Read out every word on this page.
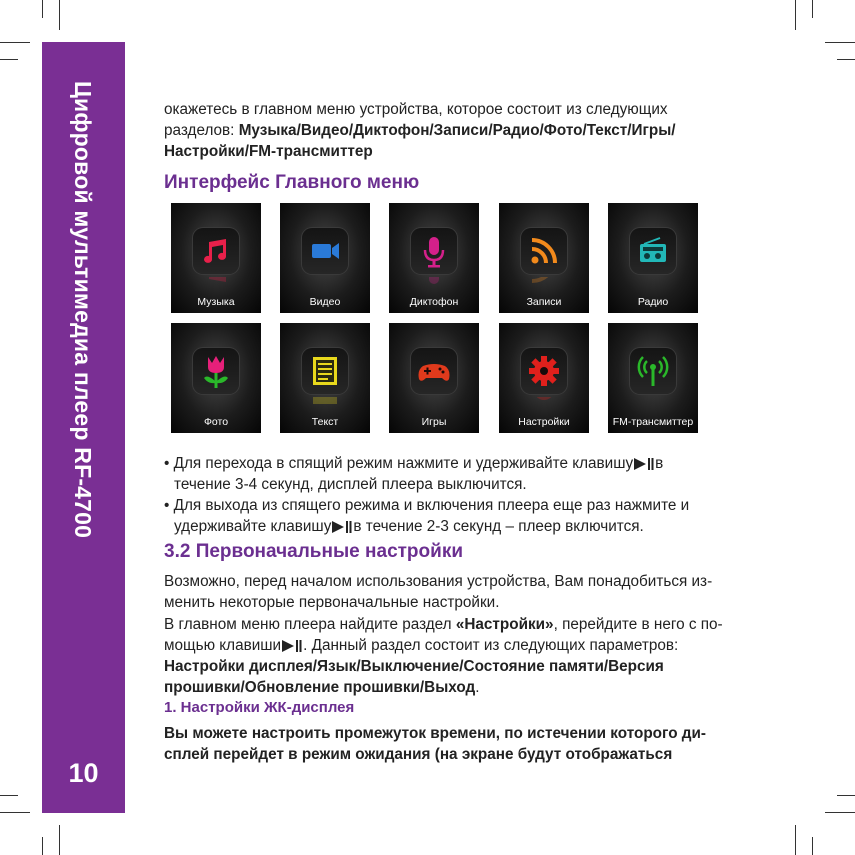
Цифровой мультимедиа плеер RF-4700
10
окажетесь в главном меню устройства, которое состоит из следующих
разделов: Музыка/Видео/Диктофон/Записи/Радио/Фото/Текст/Игры/
Настройки/FM-трансмиттер
Интерфейс Главного меню
Музыка	Видео	Диктофон	Записи	Радио
Фото	Текст	Игры	Настройки	FM-трансмиттер
• Для перехода в спящий режим нажмите и удерживайте клавишу в
течение 3-4 секунд, дисплей плеера выключится.
• Для выхода из спящего режима и включения плеера еще раз нажмите и
удерживайте клавишу в течение 2-3 секунд – плеер включится.
3.2 Первоначальные настройки
Возможно, перед началом использования устройства, Вам понадобиться из-
менить некоторые первоначальные настройки.
В главном меню плеера найдите раздел «Настройки», перейдите в него с по-
мощью клавиши . Данный раздел состоит из следующих параметров:
Настройки дисплея/Язык/Выключение/Состояние памяти/Версия
прошивки/Обновление прошивки/Выход.
1. Настройки ЖК-дисплея
Вы можете настроить промежуток времени, по истечении которого ди-
сплей перейдет в режим ожидания (на экране будут отображаться
